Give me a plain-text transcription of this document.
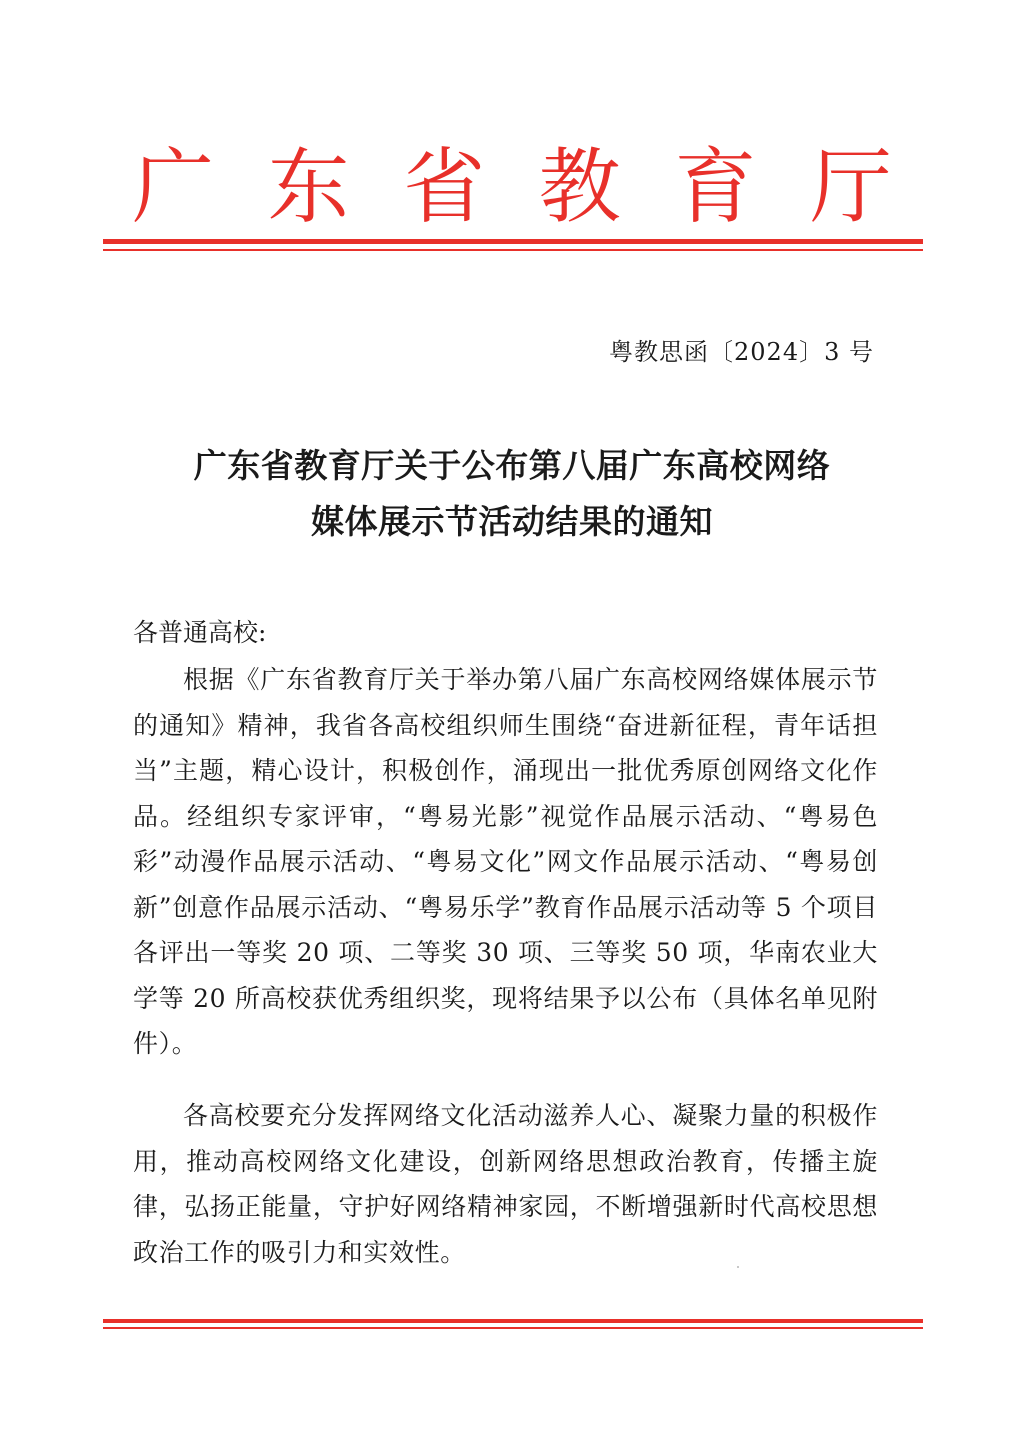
广 东 省 教 育 厅
粤教思函〔2024〕3 号
广东省教育厅关于公布第八届广东高校网络
媒体展示节活动结果的通知
各普通高校:

根据《广东省教育厅关于举办第八届广东高校网络媒体展示节的通知》精神，我省各高校组织师生围绕“奋进新征程，青年话担当”主题，精心设计，积极创作，涌现出一批优秀原创网络文化作品。经组织专家评审，“粤易光影”视觉作品展示活动、“粤易色彩”动漫作品展示活动、“粤易文化”网文作品展示活动、“粤易创新”创意作品展示活动、“粤易乐学”教育作品展示活动等 5 个项目各评出一等奖 20 项、二等奖 30 项、三等奖 50 项，华南农业大学等 20 所高校获优秀组织奖，现将结果予以公布（具体名单见附件）。

各高校要充分发挥网络文化活动滋养人心、凝聚力量的积极作用，推动高校网络文化建设，创新网络思想政治教育，传播主旋律，弘扬正能量，守护好网络精神家园，不断增强新时代高校思想政治工作的吸引力和实效性。
